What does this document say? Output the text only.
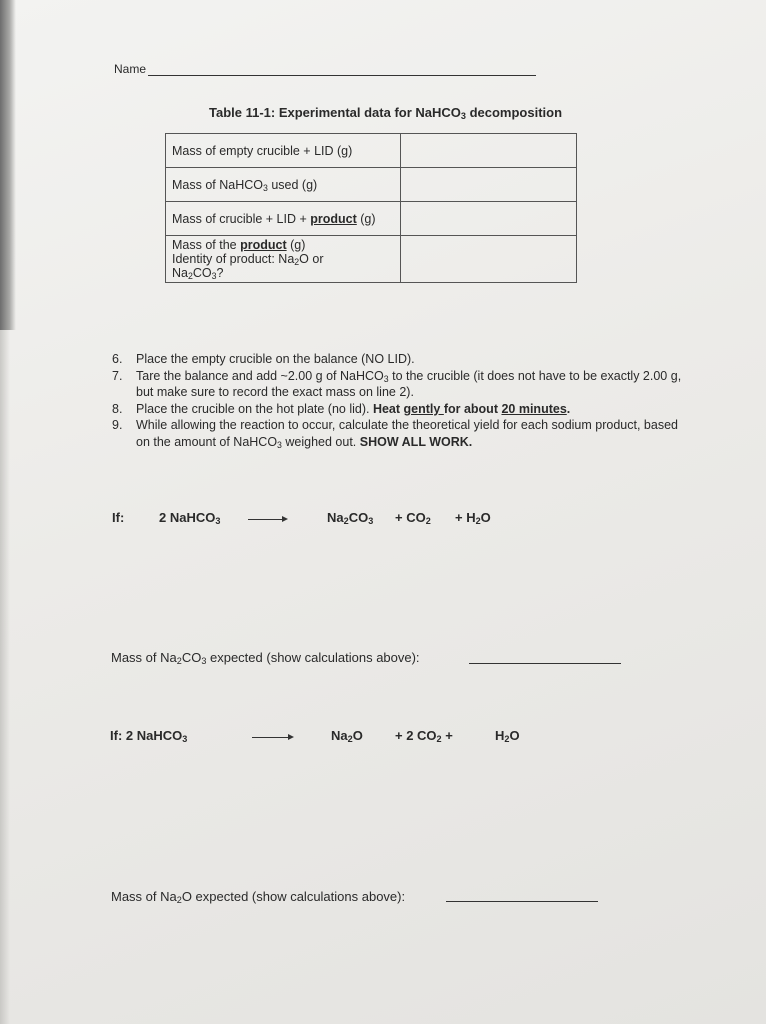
Name
Table 11-1: Experimental data for NaHCO$_3$ decomposition
Mass of empty crucible + LID (g)	
Mass of NaHCO$_3$ used (g)	
Mass of crucible + LID + product (g)	

Mass of the product (g)
Identity of product: $Na_2O$ or
$Na_2CO_3$?	

6.	Place the empty crucible on the balance (NO LID).
7.	Tare the balance and add ~2.00 g of NaHCO$_3$ to the crucible (it does not have to be exactly 2.00 g, but make sure to record the exact mass on line 2).
8.	Place the crucible on the hot plate (no lid). Heat gently for about 20 minutes.
9.	While allowing the reaction to occur, calculate the theoretical yield for each sodium product, based on the amount of NaHCO$_3$ weighed out. SHOW ALL WORK.
If:	2 NaHCO$_3$	$Na_2CO_3 + CO_2 + H_2O$
Mass of $Na_2CO_3$ expected (show calculations above):
If: 2 NaHCO$_3$	$Na_2O + 2$ $CO_2$ +	$H_2O$
Mass of $Na_2O$ expected (show calculations above):
